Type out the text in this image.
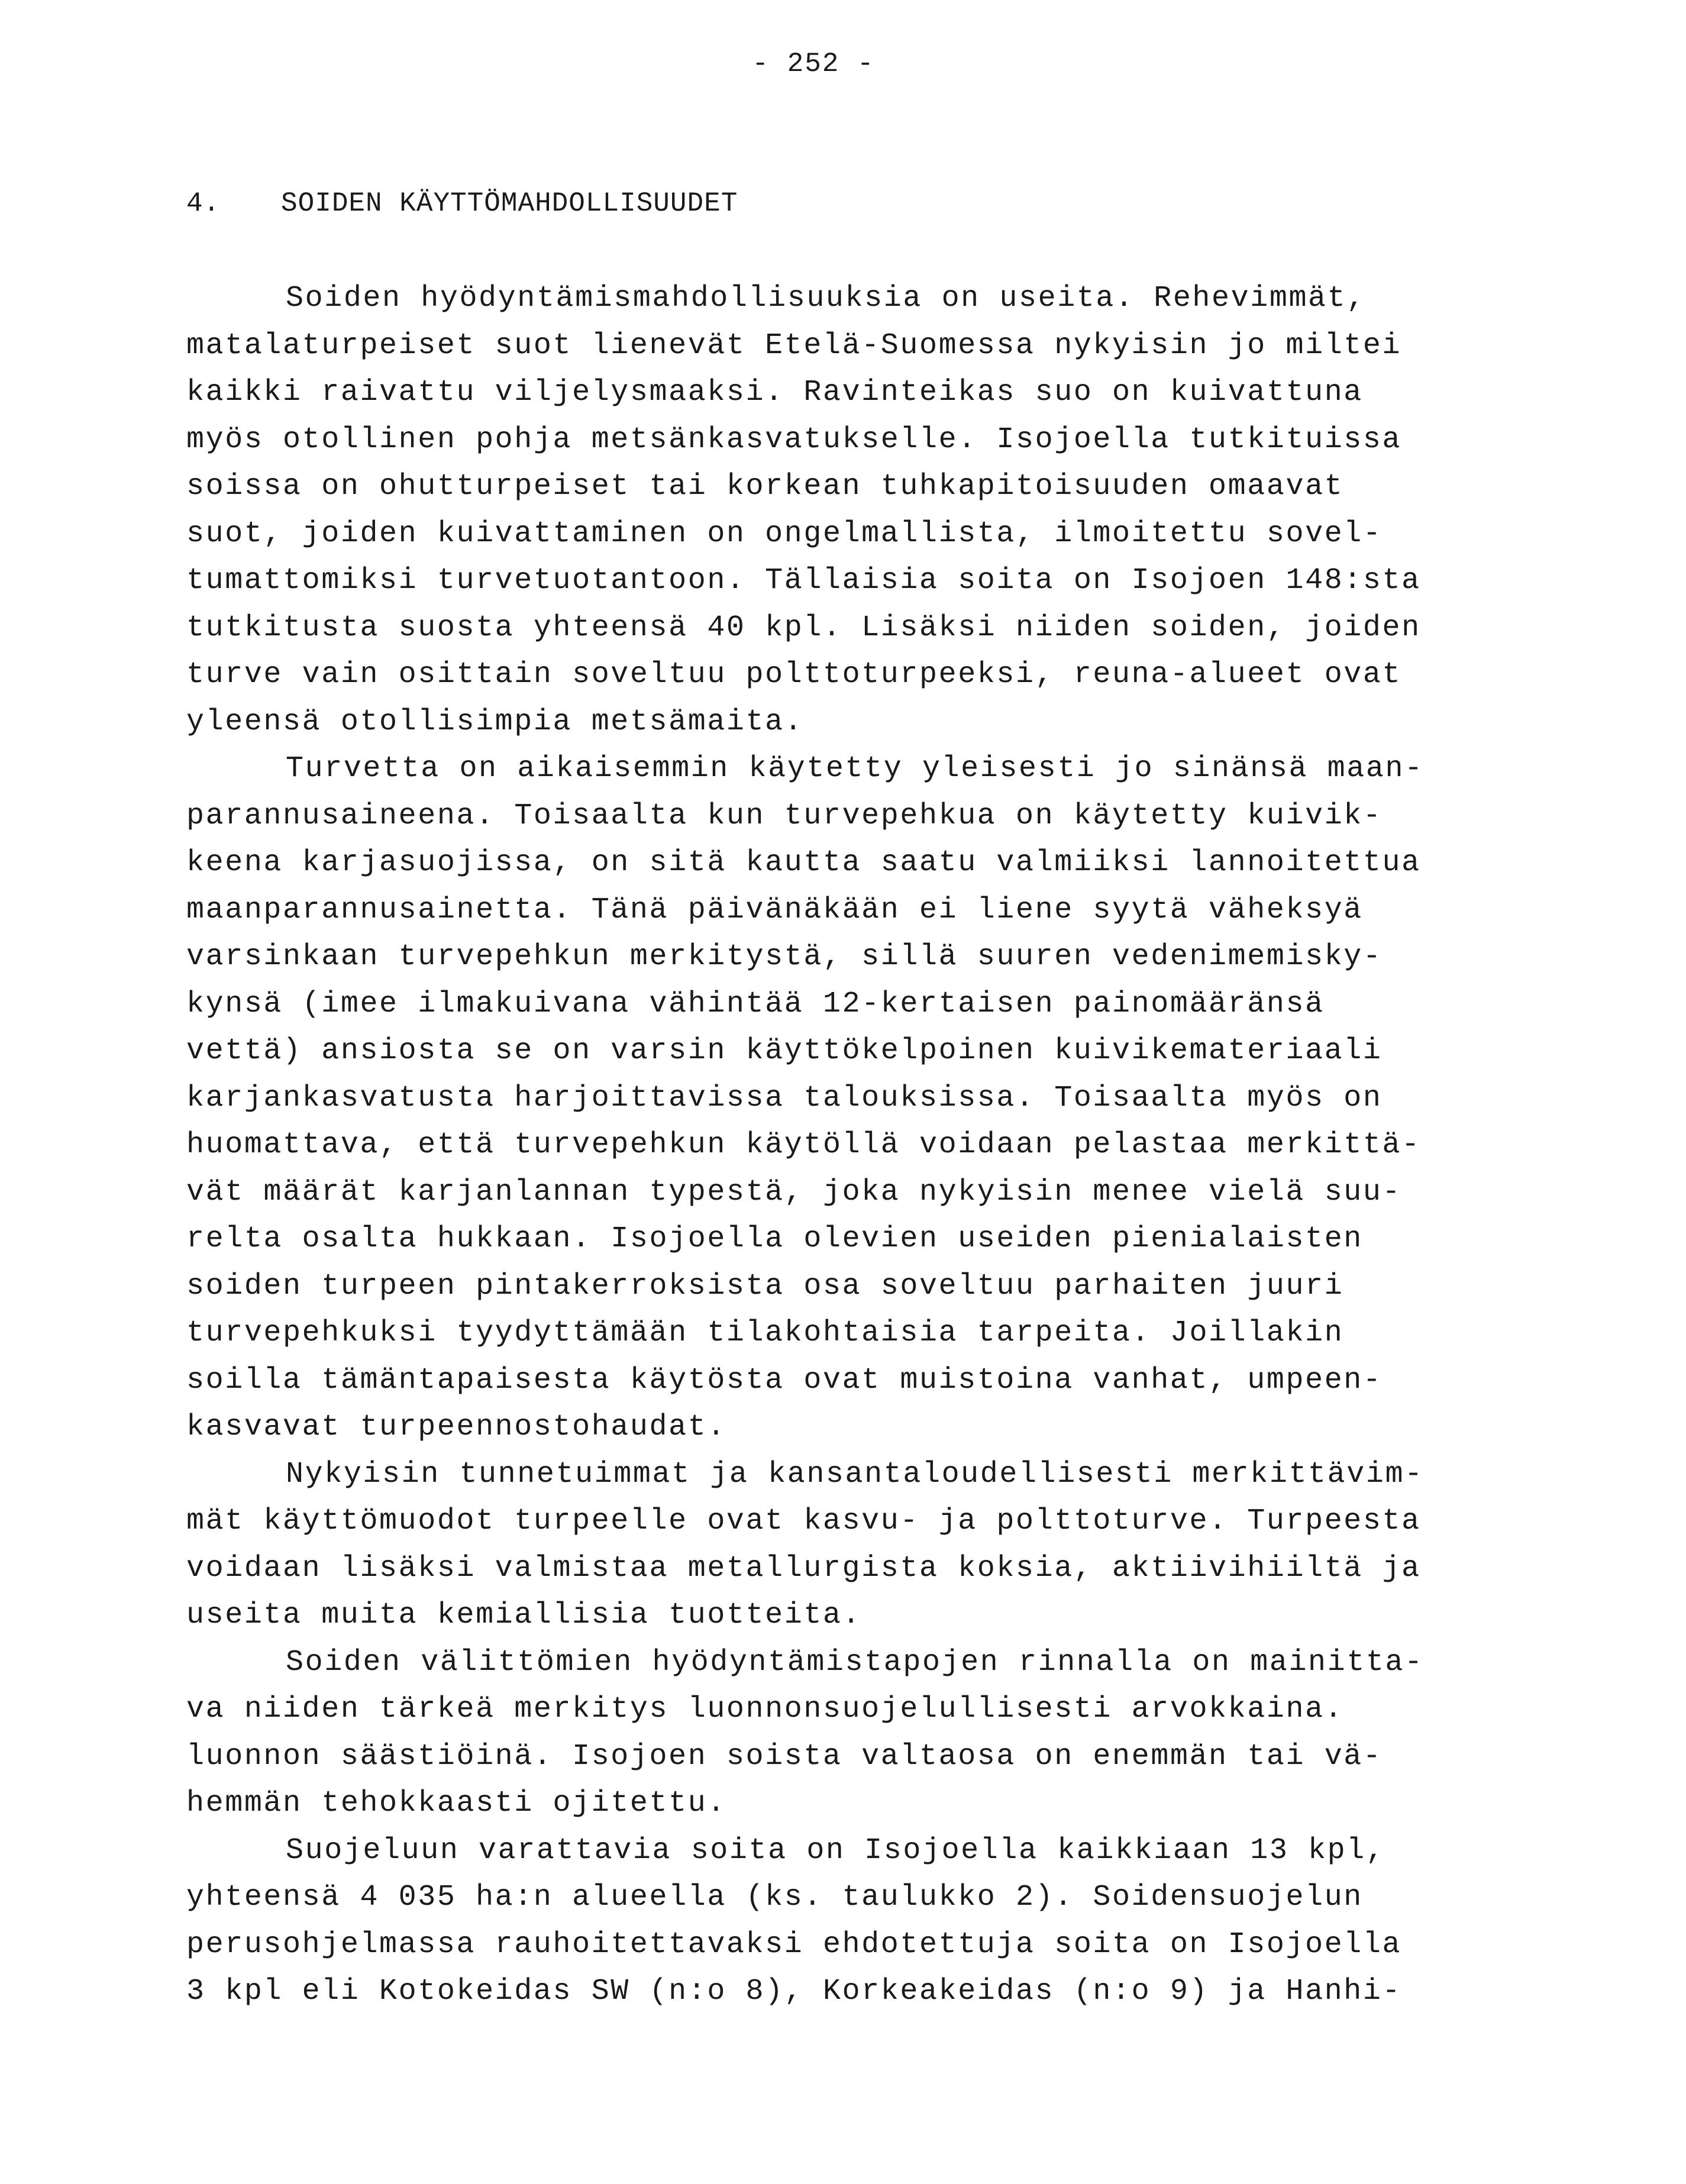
- 252 -
4. SOIDEN KÄYTTÖMAHDOLLISUUDET
Soiden hyödyntämismahdollisuuksia on useita. Rehevimmät,
matalaturpeiset suot lienevät Etelä-Suomessa nykyisin jo miltei
kaikki raivattu viljelysmaaksi. Ravinteikas suo on kuivattuna
myös otollinen pohja metsänkasvatukselle. Isojoella tutkituissa
soissa on ohutturpeiset tai korkean tuhkapitoisuuden omaavat
suot, joiden kuivattaminen on ongelmallista, ilmoitettu sovel-
tumattomiksi turvetuotantoon. Tällaisia soita on Isojoen 148:sta
tutkitusta suosta yhteensä 40 kpl. Lisäksi niiden soiden, joiden
turve vain osittain soveltuu polttoturpeeksi, reuna-alueet ovat
yleensä otollisimpia metsämaita.
Turvetta on aikaisemmin käytetty yleisesti jo sinänsä maan-
parannusaineena. Toisaalta kun turvepehkua on käytetty kuivik-
keena karjasuojissa, on sitä kautta saatu valmiiksi lannoitettua
maanparannusainetta. Tänä päivänäkään ei liene syytä väheksyä
varsinkaan turvepehkun merkitystä, sillä suuren vedenimemisky-
kynsä (imee ilmakuivana vähintää 12-kertaisen painomääränsä
vettä) ansiosta se on varsin käyttökelpoinen kuivikemateriaali
karjankasvatusta harjoittavissa talouksissa. Toisaalta myös on
huomattava, että turvepehkun käytöllä voidaan pelastaa merkittä-
vät määrät karjanlannan typestä, joka nykyisin menee vielä suu-
relta osalta hukkaan. Isojoella olevien useiden pienialaisten
soiden turpeen pintakerroksista osa soveltuu parhaiten juuri
turvepehkuksi tyydyttämään tilakohtaisia tarpeita. Joillakin
soilla tämäntapaisesta käytösta ovat muistoina vanhat, umpeen-
kasvavat turpeennostohaudat.
Nykyisin tunnetuimmat ja kansantaloudellisesti merkittävim-
mät käyttömuodot turpeelle ovat kasvu- ja polttoturve. Turpeesta
voidaan lisäksi valmistaa metallurgista koksia, aktiivihiiltä ja
useita muita kemiallisia tuotteita.
Soiden välittömien hyödyntämistapojen rinnalla on mainitta-
va niiden tärkeä merkitys luonnonsuojelullisesti arvokkaina.
luonnon säästiöinä. Isojoen soista valtaosa on enemmän tai vä-
hemmän tehokkaasti ojitettu.
Suojeluun varattavia soita on Isojoella kaikkiaan 13 kpl,
yhteensä 4 035 ha:n alueella (ks. taulukko 2). Soidensuojelun
perusohjelmassa rauhoitettavaksi ehdotettuja soita on Isojoella
3 kpl eli Kotokeidas SW (n:o 8), Korkeakeidas (n:o 9) ja Hanhi-
